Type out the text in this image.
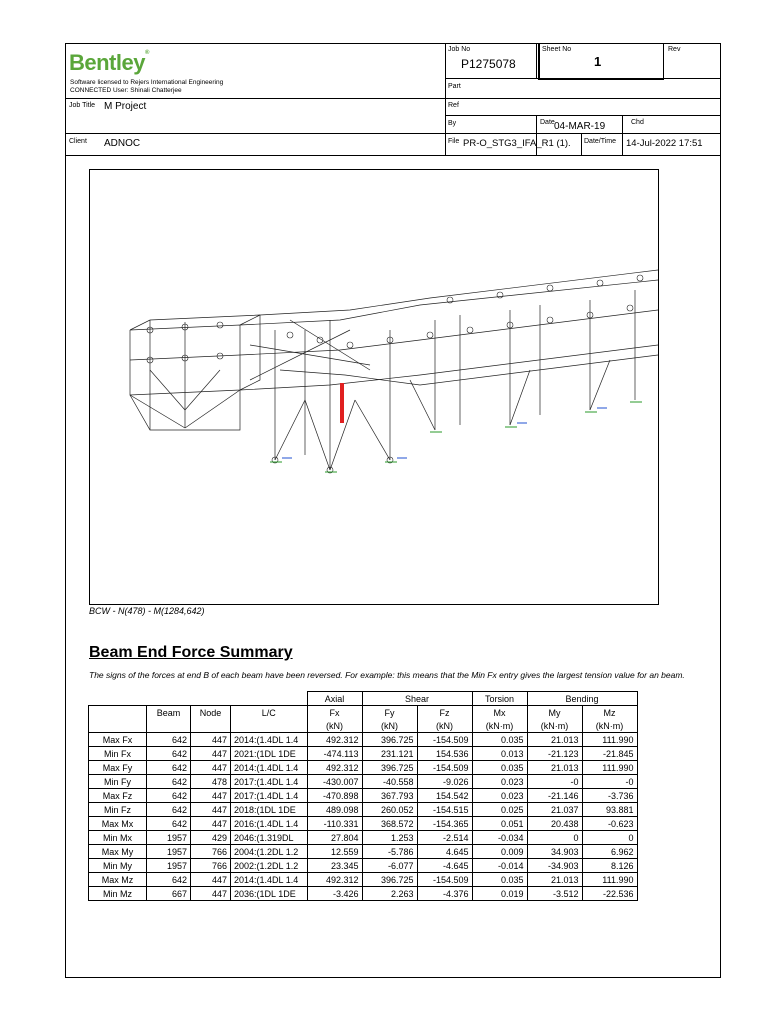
Bentley®
Software licensed to Rejers International Engineering
CONNECTED User: Shinali Chatterjee
Job Title M Project
Client ADNOC
Job No
P1275078
Sheet No
1
Rev
Part
Ref
By	Date 04-MAR-19	Chd
File PR-O_STG3_IFA_R1 (1). Date/Time 14-Jul-2022 17:51
BCW - N(478) - M(1284,642)
Beam End Force Summary
The signs of the forces at end B of each beam have been reversed. For example: this means that the Min Fx entry gives the largest tension value for an beam.
				Axial	Shear		Torsion	Bending	
	Beam	Node	L/C	Fx	Fy	Fz	Mx	My	Mz
				(kN)	(kN)	(kN)	(kN·m)	(kN·m)	(kN·m)
Max Fx	642	447	2014:(1.4DL 1.4	492.312	396.725	-154.509	0.035	21.013	111.990
Min Fx	642	447	2021:(1DL 1DE	-474.113	231.121	154.536	0.013	-21.123	-21.845
Max Fy	642	447	2014:(1.4DL 1.4	492.312	396.725	-154.509	0.035	21.013	111.990
Min Fy	642	478	2017:(1.4DL 1.4	-430.007	-40.558	-9.026	0.023	-0	-0
Max Fz	642	447	2017:(1.4DL 1.4	-470.898	367.793	154.542	0.023	-21.146	-3.736
Min Fz	642	447	2018:(1DL 1DE	489.098	260.052	-154.515	0.025	21.037	93.881
Max Mx	642	447	2016:(1.4DL 1.4	-110.331	368.572	-154.365	0.051	20.438	-0.623
Min Mx	1957	429	2046:(1.319DL	27.804	1.253	-2.514	-0.034	0	0
Max My	1957	766	2004:(1.2DL 1.2	12.559	-5.786	4.645	0.009	34.903	6.962
Min My	1957	766	2002:(1.2DL 1.2	23.345	-6.077	-4.645	-0.014	-34.903	8.126
Max Mz	642	447	2014:(1.4DL 1.4	492.312	396.725	-154.509	0.035	21.013	111.990
Min Mz	667	447	2036:(1DL 1DE	-3.426	2.263	-4.376	0.019	-3.512	-22.536
